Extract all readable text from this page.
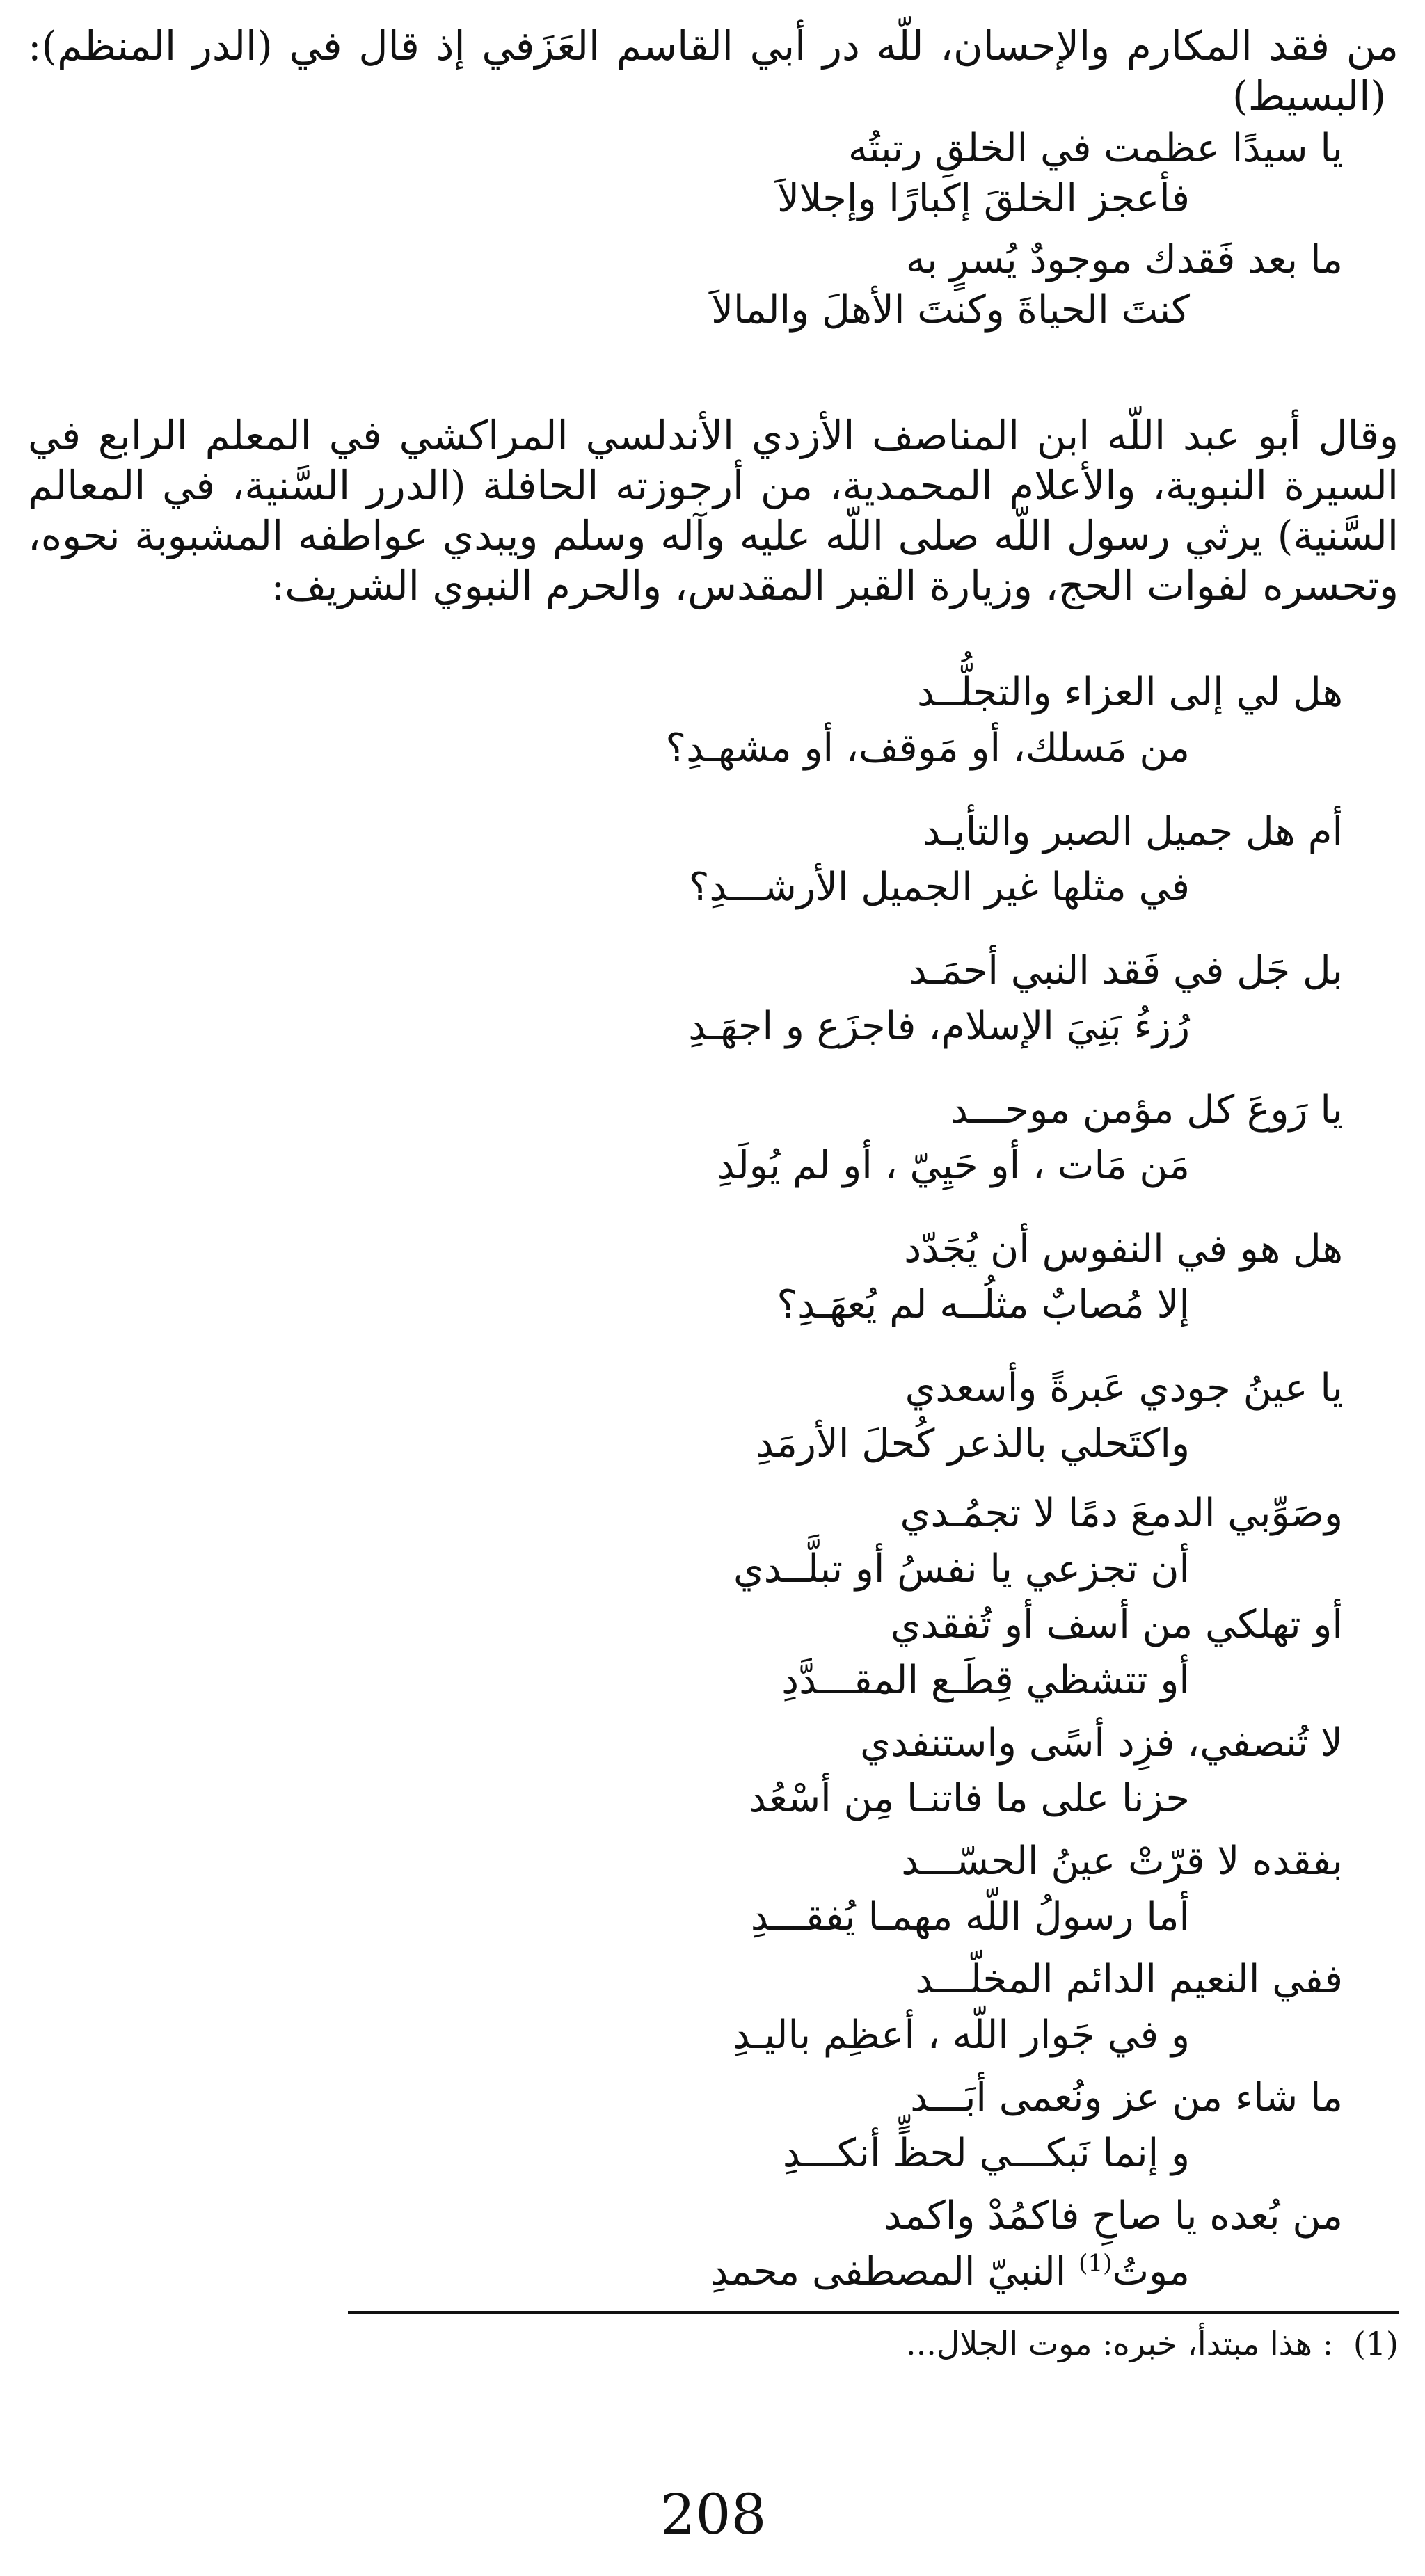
من فقد المكارم والإحسان، للّه در أبي القاسم العَزَفي إذ قال في (الدر المنظم): (البسيط)

يا سيدًا عظمت في الخلقِ رتبتُه
فأعجز الخلقَ إكبارًا وإجلالاَ
ما بعد فَقدك موجودٌ يُسرٍ به
كنتَ الحياةَ وكنتَ الأهلَ والمالاَ

وقال أبو عبد اللّه ابن المناصف الأزدي الأندلسي المراكشي في المعلم الرابع في السيرة النبوية، والأعلام المحمدية، من أرجوزته الحافلة (الدرر السَّنية، في المعالم السَّنية) يرثي رسول اللّه صلى اللّه عليه وآله وسلم ويبدي عواطفه المشبوبة نحوه، وتحسره لفوات الحج، وزيارة القبر المقدس، والحرم النبوي الشريف:

هل لي إلى العزاء والتجلُّــد
من مَسلك، أو مَوقف، أو مشهـدِ؟
أم هل جميل الصبر والتأيـد
في مثلها غير الجميل الأرشـــدِ؟
بل جَل في فَقد النبي أحمَـد
رُزءُ بَنِيَ الإسلام، فاجزَع و اجهَـدِ
يا رَوعَ كل مؤمن موحـــد
مَن مَات ، أو حَيِيّ ، أو لم يُولَدِ
هل هو في النفوس أن يُجَدّد
إلا مُصابٌ مثلُــه لم يُعهَـدِ؟
يا عينُ جودي عَبرةً وأسعدي
واكتَحلي بالذعر كُحلَ الأرمَدِ
وصَوِّبي الدمعَ دمًا لا تجمُـدي
أن تجزعي يا نفسُ أو تبلَّــدي
أو تهلكي من أسف أو تُفقدي
أو تتشظي قِطَـع المقـــدَّدِ
لا تُنصفي، فزِد أسًى واستنفدي
حزنا على ما فاتنـا مِن أسْعُد
بفقده لا قرّتْ عينُ الحسّـــد
أما رسولُ اللّه مهمـا يُفقـــدِ
ففي النعيم الدائم المخلّـــد
و في جَوار اللّه ، أعظِم باليـدِ
ما شاء من عز ونُعمى أبَـــد
و إنما نَبكـــي لحظٍّ أنكـــدِ
من بُعده يا صاحِ فاكمُدْ واكمد
موتُ$^{(1)}$ النبيّ المصطفى محمدِ
(1) : هذا مبتدأ، خبره: موت الجلال...
208
